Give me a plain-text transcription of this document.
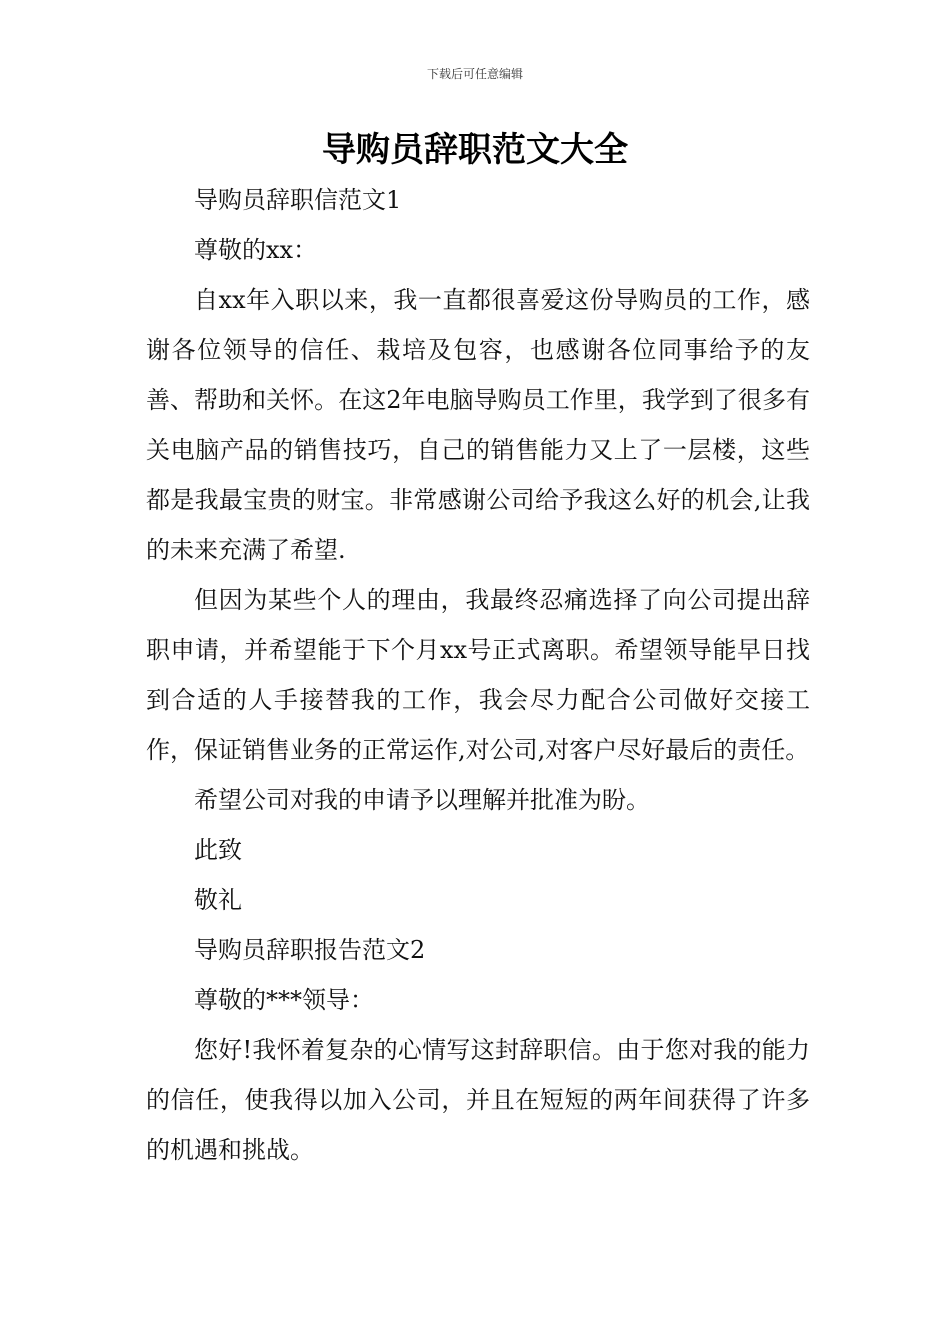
下载后可任意编辑
导购员辞职范文大全

导购员辞职信范文1

尊敬的xx：

自xx年入职以来，我一直都很喜爱这份导购员的工作，感谢各位领导的信任、栽培及包容，也感谢各位同事给予的友善、帮助和关怀。在这2年电脑导购员工作里，我学到了很多有关电脑产品的销售技巧，自己的销售能力又上了一层楼，这些都是我最宝贵的财宝。非常感谢公司给予我这么好的机会,让我的未来充满了希望.

但因为某些个人的理由，我最终忍痛选择了向公司提出辞职申请，并希望能于下个月xx号正式离职。希望领导能早日找到合适的人手接替我的工作，我会尽力配合公司做好交接工作，保证销售业务的正常运作,对公司,对客户尽好最后的责任。

希望公司对我的申请予以理解并批准为盼。

此致

敬礼

导购员辞职报告范文2

尊敬的***领导：

您好!我怀着复杂的心情写这封辞职信。由于您对我的能力的信任，使我得以加入公司，并且在短短的两年间获得了许多的机遇和挑战。
